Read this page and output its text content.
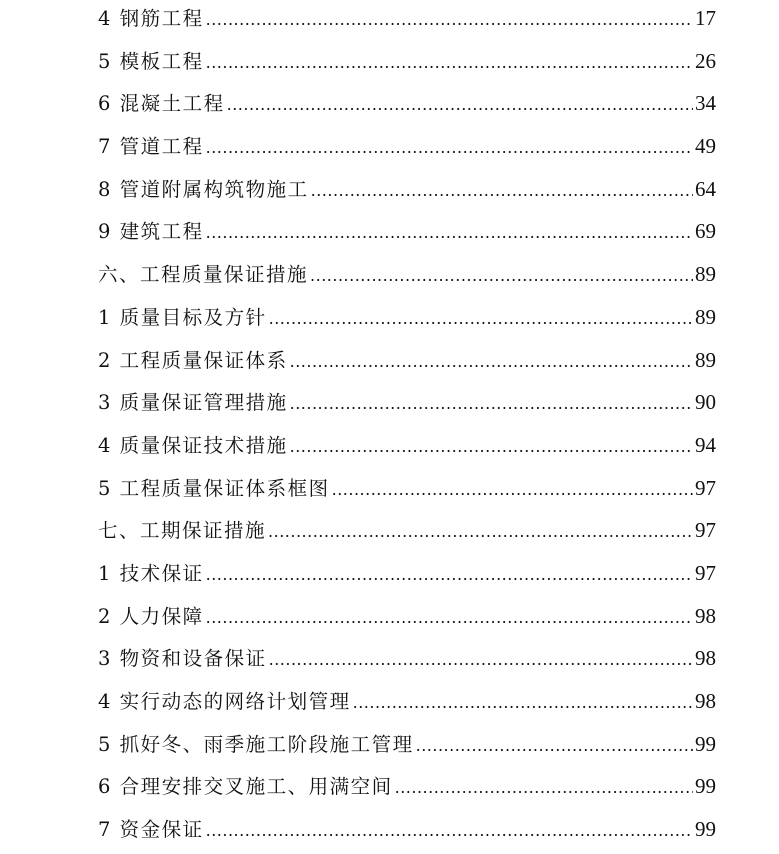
4 钢筋工程 .....	17
5 模板工程 .....	26
6 混凝土工程 .....	34
7 管道工程 .....	49
8 管道附属构筑物施工 .....	64
9 建筑工程 .....	69
六、工程质量保证措施 .....	89
1 质量目标及方针 .....	89
2 工程质量保证体系 .....	89
3 质量保证管理措施 .....	90
4 质量保证技术措施 .....	94
5 工程质量保证体系框图 .....	97
七、工期保证措施 .....	97
1 技术保证 .....	97
2 人力保障 .....	98
3 物资和设备保证 .....	98
4 实行动态的网络计划管理 .....	98
5 抓好冬、雨季施工阶段施工管理 .....	99
6 合理安排交叉施工、用满空间 .....	99
7 资金保证 .....	99
